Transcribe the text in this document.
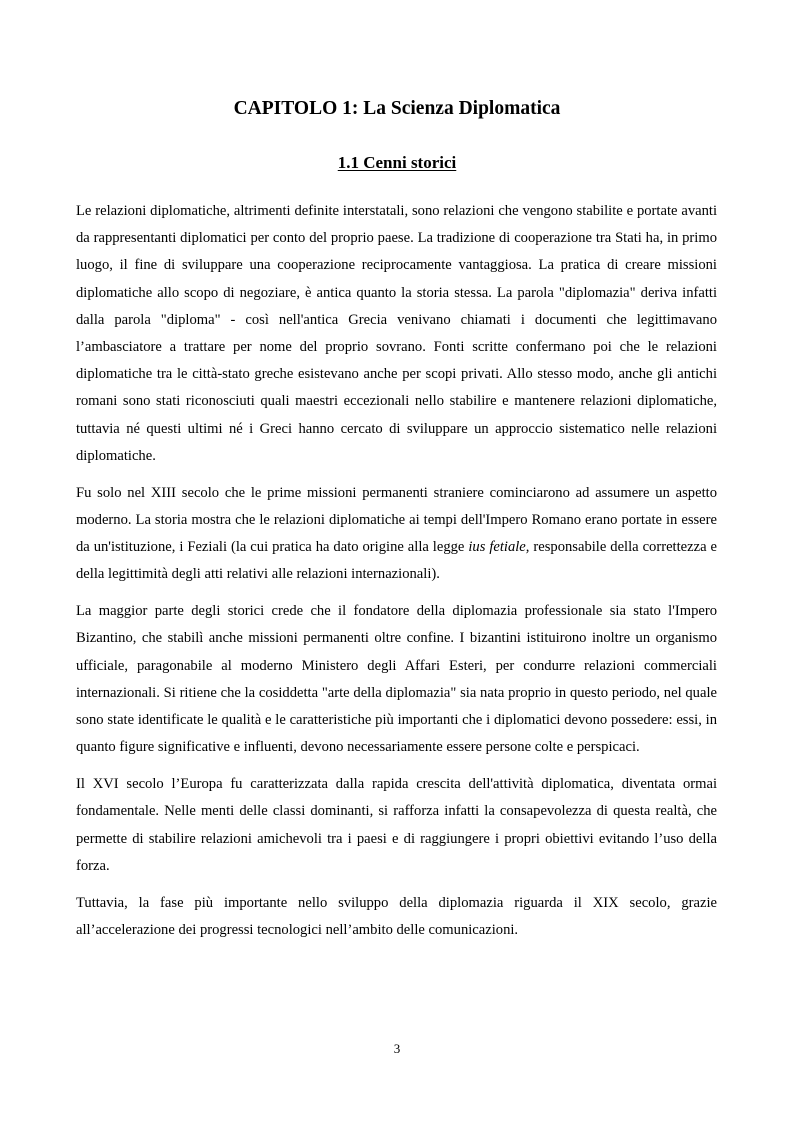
CAPITOLO 1: La Scienza Diplomatica
1.1 Cenni storici

Le relazioni diplomatiche, altrimenti definite interstatali, sono relazioni che vengono stabilite e portate avanti da rappresentanti diplomatici per conto del proprio paese. La tradizione di cooperazione tra Stati ha, in primo luogo, il fine di sviluppare una cooperazione reciprocamente vantaggiosa. La pratica di creare missioni diplomatiche allo scopo di negoziare, è antica quanto la storia stessa. La parola "diplomazia" deriva infatti dalla parola "diploma" - così nell'antica Grecia venivano chiamati i documenti che legittimavano l’ambasciatore a trattare per nome del proprio sovrano. Fonti scritte confermano poi che le relazioni diplomatiche tra le città-stato greche esistevano anche per scopi privati. Allo stesso modo, anche gli antichi romani sono stati riconosciuti quali maestri eccezionali nello stabilire e mantenere relazioni diplomatiche, tuttavia né questi ultimi né i Greci hanno cercato di sviluppare un approccio sistematico nelle relazioni diplomatiche.

Fu solo nel XIII secolo che le prime missioni permanenti straniere cominciarono ad assumere un aspetto moderno. La storia mostra che le relazioni diplomatiche ai tempi dell'Impero Romano erano portate in essere da un'istituzione, i Feziali (la cui pratica ha dato origine alla legge ius fetiale, responsabile della correttezza e della legittimità degli atti relativi alle relazioni internazionali).

La maggior parte degli storici crede che il fondatore della diplomazia professionale sia stato l'Impero Bizantino, che stabilì anche missioni permanenti oltre confine. I bizantini istituirono inoltre un organismo ufficiale, paragonabile al moderno Ministero degli Affari Esteri, per condurre relazioni commerciali internazionali. Si ritiene che la cosiddetta "arte della diplomazia" sia nata proprio in questo periodo, nel quale sono state identificate le qualità e le caratteristiche più importanti che i diplomatici devono possedere: essi, in quanto figure significative e influenti, devono necessariamente essere persone colte e perspicaci.

Il XVI secolo l’Europa fu caratterizzata dalla rapida crescita dell'attività diplomatica, diventata ormai fondamentale. Nelle menti delle classi dominanti, si rafforza infatti la consapevolezza di questa realtà, che permette di stabilire relazioni amichevoli tra i paesi e di raggiungere i propri obiettivi evitando l’uso della forza.

Tuttavia, la fase più importante nello sviluppo della diplomazia riguarda il XIX secolo, grazie all’accelerazione dei progressi tecnologici nell’ambito delle comunicazioni.

3
